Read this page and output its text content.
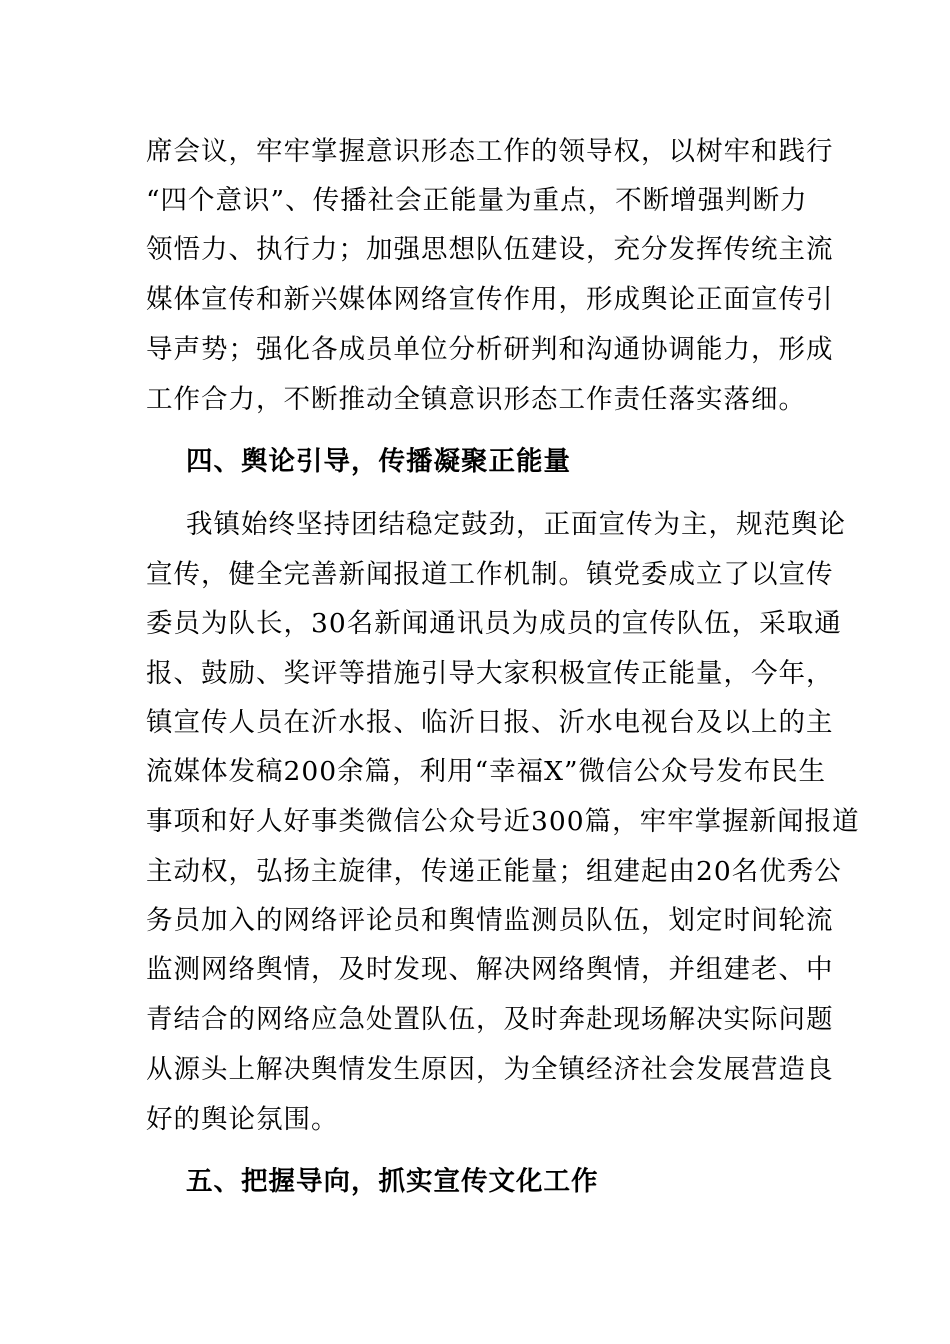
席会议，牢牢掌握意识形态工作的领导权，以树牢和践行
“四个意识”、传播社会正能量为重点，不断增强判断力
领悟力、执行力；加强思想队伍建设，充分发挥传统主流
媒体宣传和新兴媒体网络宣传作用，形成舆论正面宣传引
导声势；强化各成员单位分析研判和沟通协调能力，形成
工作合力，不断推动全镇意识形态工作责任落实落细。
四、舆论引导，传播凝聚正能量
我镇始终坚持团结稳定鼓劲，正面宣传为主，规范舆论
宣传，健全完善新闻报道工作机制。镇党委成立了以宣传
委员为队长，30名新闻通讯员为成员的宣传队伍，采取通
报、鼓励、奖评等措施引导大家积极宣传正能量，今年，
镇宣传人员在沂水报、临沂日报、沂水电视台及以上的主
流媒体发稿200余篇，利用“幸福X”微信公众号发布民生
事项和好人好事类微信公众号近300篇，牢牢掌握新闻报道
主动权，弘扬主旋律，传递正能量；组建起由20名优秀公
务员加入的网络评论员和舆情监测员队伍，划定时间轮流
监测网络舆情，及时发现、解决网络舆情，并组建老、中
青结合的网络应急处置队伍，及时奔赴现场解决实际问题
从源头上解决舆情发生原因，为全镇经济社会发展营造良
好的舆论氛围。
五、把握导向，抓实宣传文化工作
